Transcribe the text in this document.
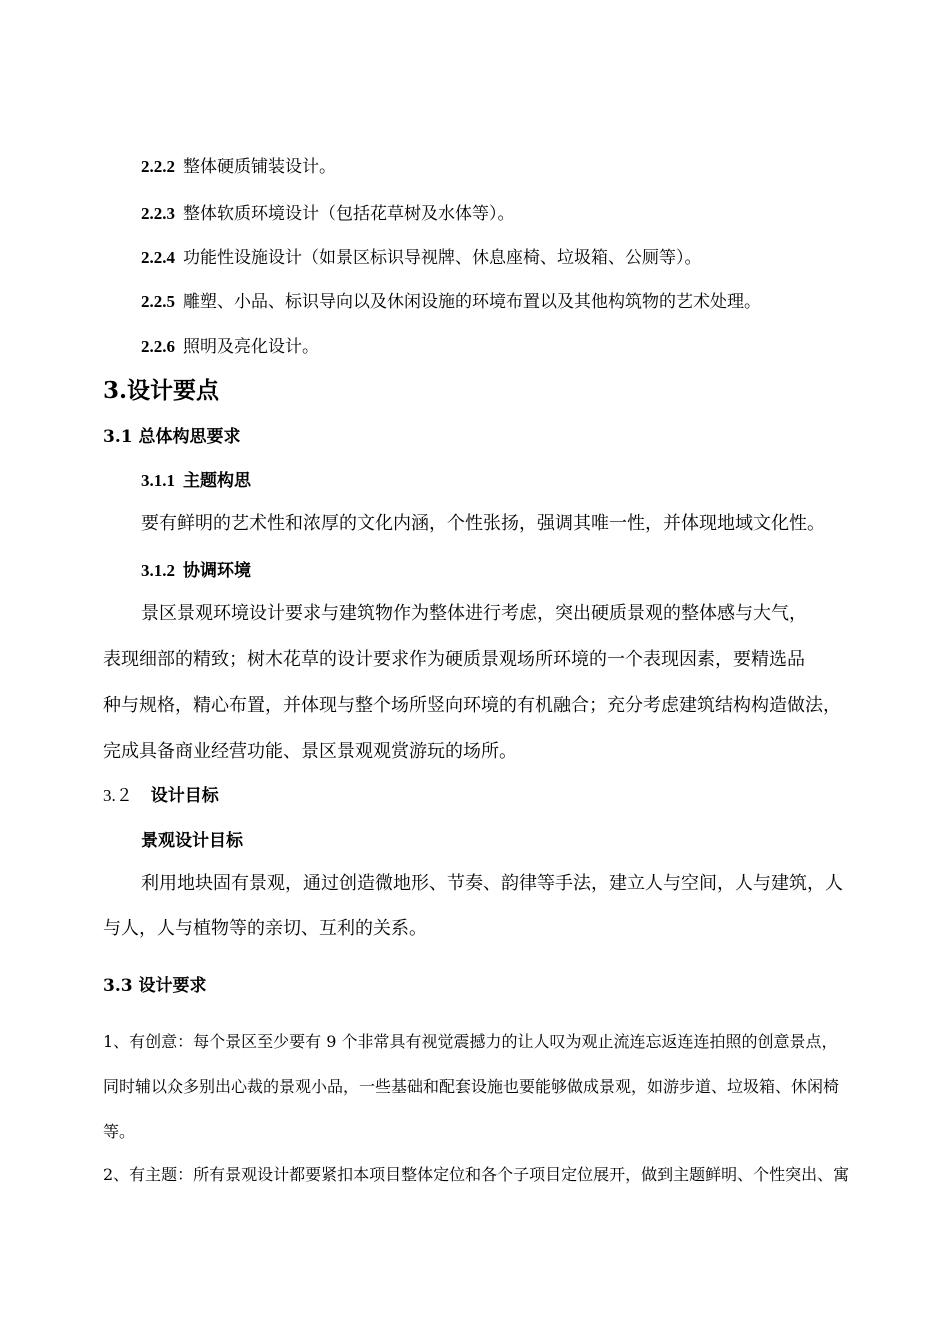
2.2.2 整体硬质铺装设计。
2.2.3 整体软质环境设计（包括花草树及水体等）。
2.2.4 功能性设施设计（如景区标识导视牌、休息座椅、垃圾箱、公厕等）。
2.2.5 雕塑、小品、标识导向以及休闲设施的环境布置以及其他构筑物的艺术处理。
2.2.6 照明及亮化设计。
3.设计要点
3.1 总体构思要求
3.1.1 主题构思
要有鲜明的艺术性和浓厚的文化内涵，个性张扬，强调其唯一性，并体现地域文化性。
3.1.2 协调环境
景区景观环境设计要求与建筑物作为整体进行考虑，突出硬质景观的整体感与大气，
表现细部的精致；树木花草的设计要求作为硬质景观场所环境的一个表现因素，要精选品
种与规格，精心布置，并体现与整个场所竖向环境的有机融合；充分考虑建筑结构构造做法，
完成具备商业经营功能、景区景观观赏游玩的场所。
3.２ 设计目标
景观设计目标
利用地块固有景观，通过创造微地形、节奏、韵律等手法，建立人与空间，人与建筑，人
与人，人与植物等的亲切、互利的关系。
3.3 设计要求
1、有创意：每个景区至少要有 9 个非常具有视觉震撼力的让人叹为观止流连忘返连连拍照的创意景点，
同时辅以众多别出心裁的景观小品，一些基础和配套设施也要能够做成景观，如游步道、垃圾箱、休闲椅
等。
2、有主题：所有景观设计都要紧扣本项目整体定位和各个子项目定位展开，做到主题鲜明、个性突出、寓
